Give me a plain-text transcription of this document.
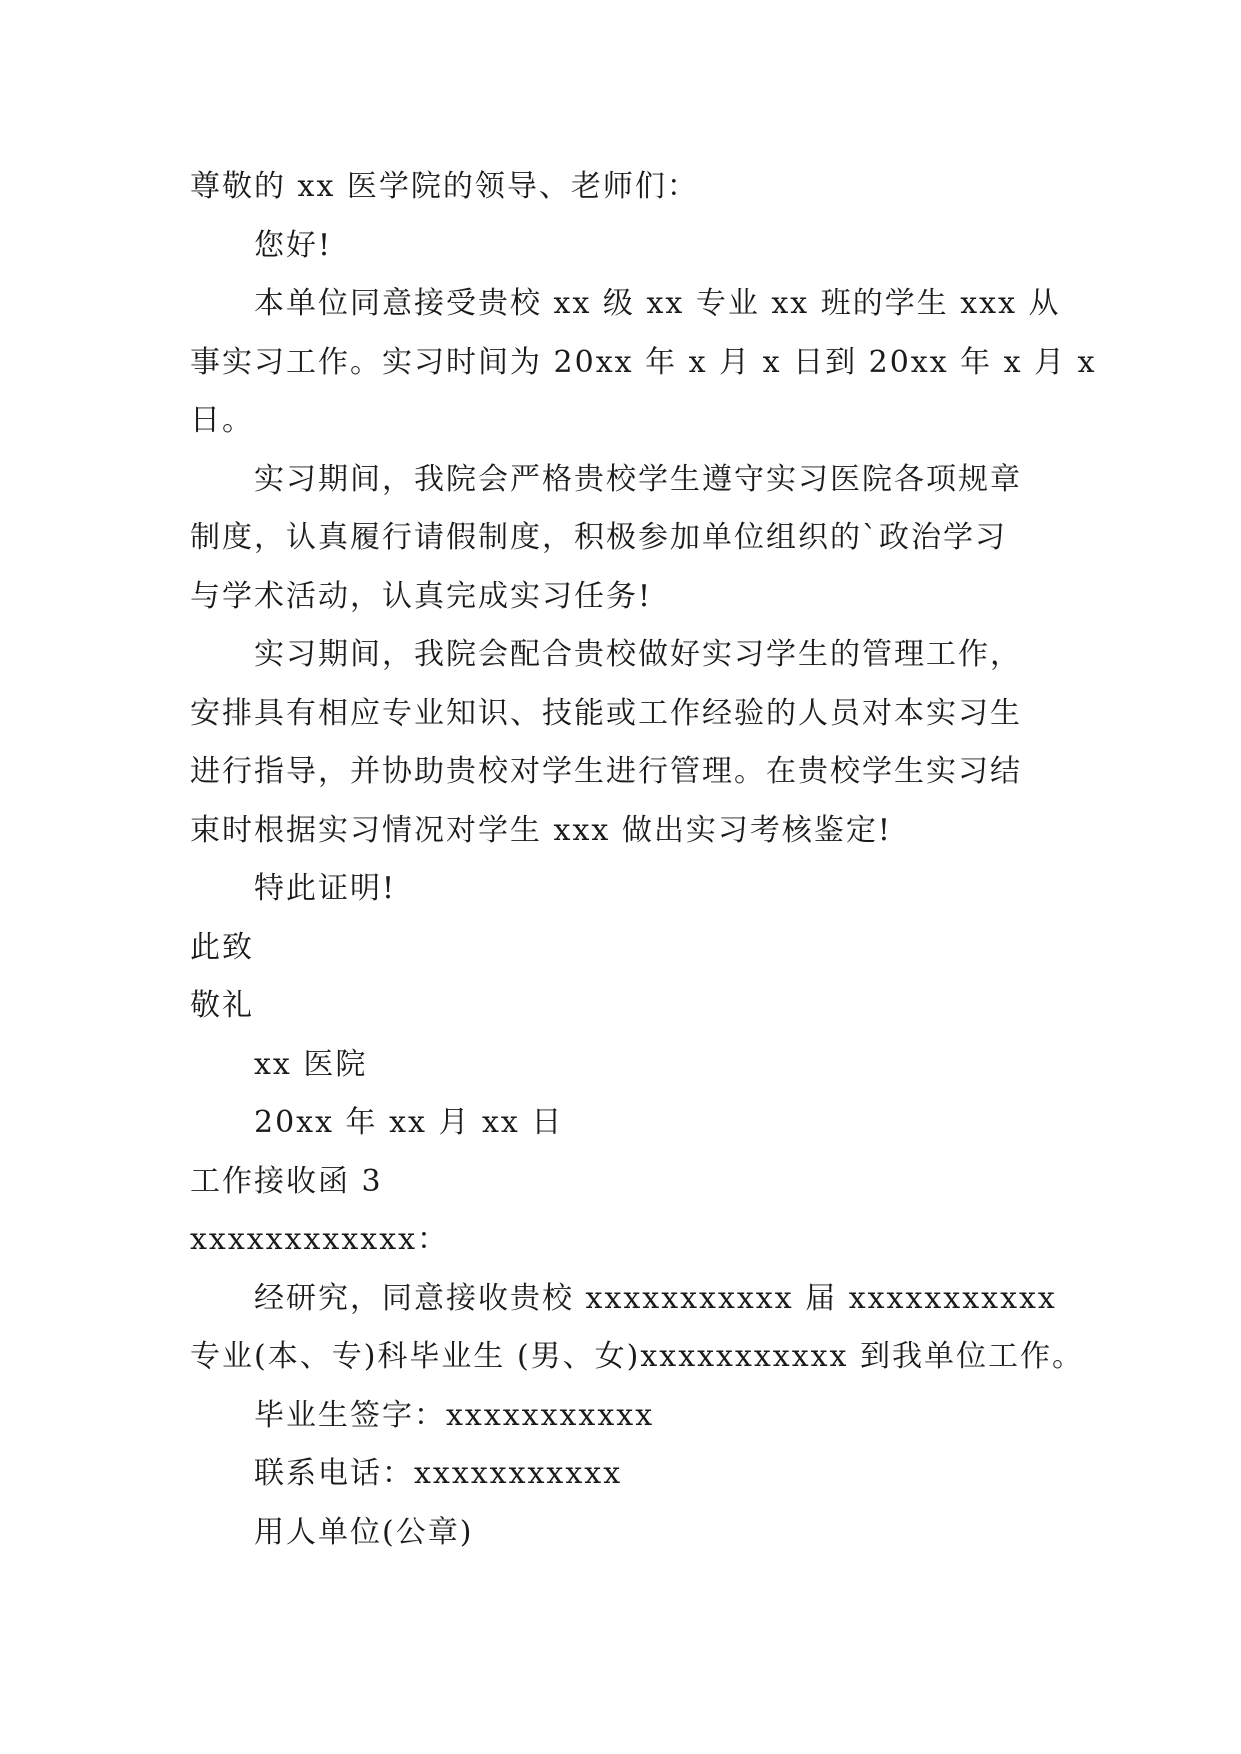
尊敬的 xx 医学院的领导、老师们：
您好!
本单位同意接受贵校 xx 级 xx 专业 xx 班的学生 xxx 从
事实习工作。实习时间为 20xx 年 x 月 x 日到 20xx 年 x 月 x
日。
实习期间，我院会严格贵校学生遵守实习医院各项规章
制度，认真履行请假制度，积极参加单位组织的`政治学习
与学术活动，认真完成实习任务!
实习期间，我院会配合贵校做好实习学生的管理工作，
安排具有相应专业知识、技能或工作经验的人员对本实习生
进行指导，并协助贵校对学生进行管理。在贵校学生实习结
束时根据实习情况对学生 xxx 做出实习考核鉴定!
特此证明!
此致
敬礼
xx 医院
20xx 年 xx 月 xx 日
工作接收函 3
xxxxxxxxxxxx：
经研究，同意接收贵校 xxxxxxxxxxx 届 xxxxxxxxxxx
专业(本、专)科毕业生 (男、女)xxxxxxxxxxx 到我单位工作。
毕业生签字：xxxxxxxxxxx
联系电话：xxxxxxxxxxx
用人单位(公章)
